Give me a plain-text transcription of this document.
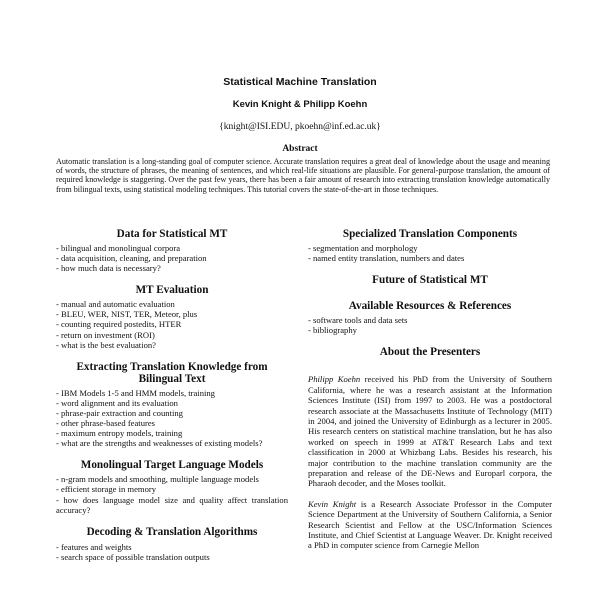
Statistical Machine Translation
Kevin Knight & Philipp Koehn
{knight@ISI.EDU, pkoehn@inf.ed.ac.uk}
Abstract
Automatic translation is a long-standing goal of computer science. Accurate translation requires a great deal of knowledge about the usage and meaning of words, the structure of phrases, the meaning of sentences, and which real-life situations are plausible. For general-purpose translation, the amount of required knowledge is staggering. Over the past few years, there has been a fair amount of research into extracting translation knowledge automatically from bilingual texts, using statistical modeling techniques. This tutorial covers the state-of-the-art in those techniques.
Data for Statistical MT
- bilingual and monolingual corpora
- data acquisition, cleaning, and preparation
- how much data is necessary?
MT Evaluation
- manual and automatic evaluation
- BLEU, WER, NIST, TER, Meteor, plus
- counting required postedits, HTER
- return on investment (ROI)
- what is the best evaluation?
Extracting Translation Knowledge from Bilingual Text
- IBM Models 1-5 and HMM models, training
- word alignment and its evaluation
- phrase-pair extraction and counting
- other phrase-based features
- maximum entropy models, training
- what are the strengths and weaknesses of existing models?
Monolingual Target Language Models
- n-gram models and smoothing, multiple language models
- efficient storage in memory
- how does language model size and quality affect translation accuracy?
Decoding & Translation Algorithms
- features and weights
- search space of possible translation outputs
Specialized Translation Components
- segmentation and morphology
- named entity translation, numbers and dates
Future of Statistical MT
Available Resources & References
- software tools and data sets
- bibliography
About the Presenters

Philipp Koehn received his PhD from the University of Southern California, where he was a research assistant at the Information Sciences Institute (ISI) from 1997 to 2003. He was a postdoctoral research associate at the Massachusetts Institute of Technology (MIT) in 2004, and joined the University of Edinburgh as a lecturer in 2005. His research centers on statistical machine translation, but he has also worked on speech in 1999 at AT&T Research Labs and text classification in 2000 at Whizbang Labs. Besides his research, his major contribution to the machine translation community are the preparation and release of the DE-News and Europarl corpora, the Pharaoh decoder, and the Moses toolkit.

Kevin Knight is a Research Associate Professor in the Computer Science Department at the University of Southern California, a Senior Research Scientist and Fellow at the USC/Information Sciences Institute, and Chief Scientist at Language Weaver. Dr. Knight received a PhD in computer science from Carnegie Mellon
